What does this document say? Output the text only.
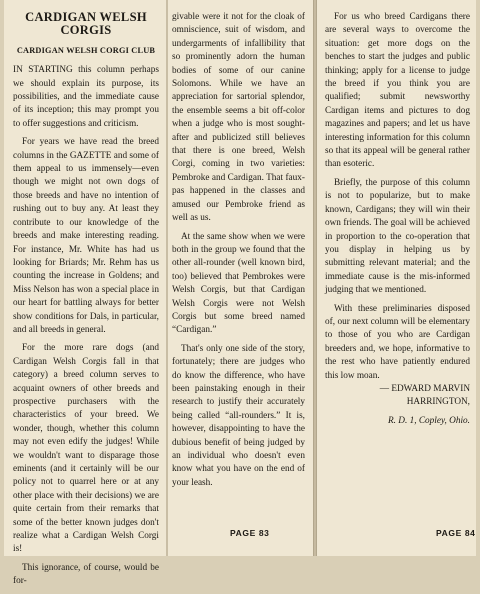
CARDIGAN WELSH CORGIS
CARDIGAN WELSH CORGI CLUB

IN STARTING this column perhaps we should explain its purpose, its possibilities, and the immediate cause of its inception; this may prompt you to offer suggestions and criticism.

For years we have read the breed columns in the GAZETTE and some of them appeal to us immensely—even though we might not own dogs of those breeds and have no intention of rushing out to buy any. At least they contribute to our knowledge of the breeds and make interesting reading. For instance, Mr. White has had us looking for Briards; Mr. Rehm has us counting the increase in Goldens; and Miss Nelson has won a special place in our heart for battling always for better show conditions for Dals, in particular, and all breeds in general.

For the more rare dogs (and Cardigan Welsh Corgis fall in that category) a breed column serves to acquaint owners of other breeds and prospective purchasers with the characteristics of your breed. We wonder, though, whether this column may not even edify the judges! While we wouldn't want to disparage those eminents (and it certainly will be our policy not to quarrel here or at any other place with their decisions) we are quite certain from their remarks that some of the better known judges don't realize what a Cardigan Welsh Corgi is!

This ignorance, of course, would be for-

givable were it not for the cloak of omniscience, suit of wisdom, and undergarments of infallibility that so prominently adorn the human bodies of some of our canine Solomons. While we have an appreciation for sartorial splendor, the ensemble seems a bit off-color when a judge who is most sought-after and publicized still believes that there is one breed, Welsh Corgi, coming in two varieties: Pembroke and Cardigan. That faux-pas happened in the classes and amused our Pembroke friend as well as us.

At the same show when we were both in the group we found that the other all-rounder (well known bird, too) believed that Pembrokes were Welsh Corgis, but that Cardigan Welsh Corgis were not Welsh Corgis but some breed named “Cardigan.”

That's only one side of the story, fortunately; there are judges who do know the difference, who have been painstaking enough in their research to justify their accurately being called “all-rounders.” It is, however, disappointing to have the dubious benefit of being judged by an individual who doesn't even know what you have on the end of your leash.

PAGE 83

For us who breed Cardigans there are several ways to overcome the situation: get more dogs on the benches to start the judges and public thinking; apply for a license to judge the breed if you think you are qualified; submit newsworthy Cardigan items and pictures to dog magazines and papers; and let us have interesting information for this column so that its appeal will be general rather than esoteric.

Briefly, the purpose of this column is not to popularize, but to make known, Cardigans; they will win their own friends. The goal will be achieved in proportion to the co-operation that you display in helping us by submitting relevant material; and the immediate cause is the mis-informed judging that we mentioned.

With these preliminaries disposed of, our next column will be elementary to those of you who are Cardigan breeders and, we hope, informative to the rest who have patiently endured this low moan.

— EDWARD MARVIN HARRINGTON,

R. D. 1, Copley, Ohio.

PAGE 84
